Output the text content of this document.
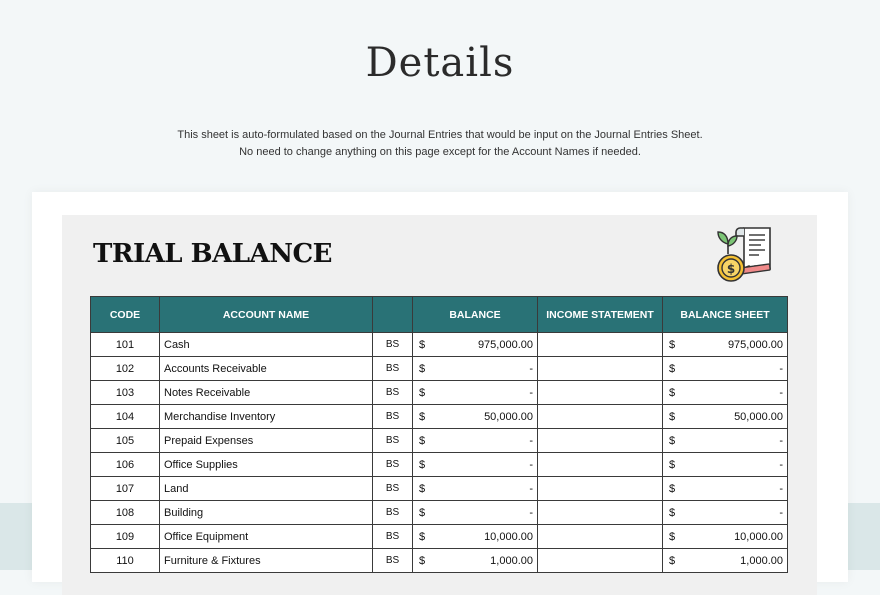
Details
This sheet is auto-formulated based on the Journal Entries that would be input on the Journal Entries Sheet.
No need to change anything on this page except for the Account Names if needed.
TRIAL BALANCE	$
CODE	ACCOUNT NAME		BALANCE	INCOME STATEMENT	BALANCE SHEET
101	Cash	BS	$ 975,000.00		$ 975,000.00

102	Accounts Receivable	BS	$ -		$ -

103	Notes Receivable	BS	$ -		$ -

104	Merchandise Inventory	BS	$ 50,000.00		$ 50,000.00

105	Prepaid Expenses	BS	$ -		$ -

106	Office Supplies	BS	$ -		$ -

107	Land	BS	$ -		$ -

108	Building	BS	$ -		$ -

109	Office Equipment	BS	$ 10,000.00		$ 10,000.00

110	Furniture & Fixtures	BS	$ 1,000.00		$ 1,000.00
